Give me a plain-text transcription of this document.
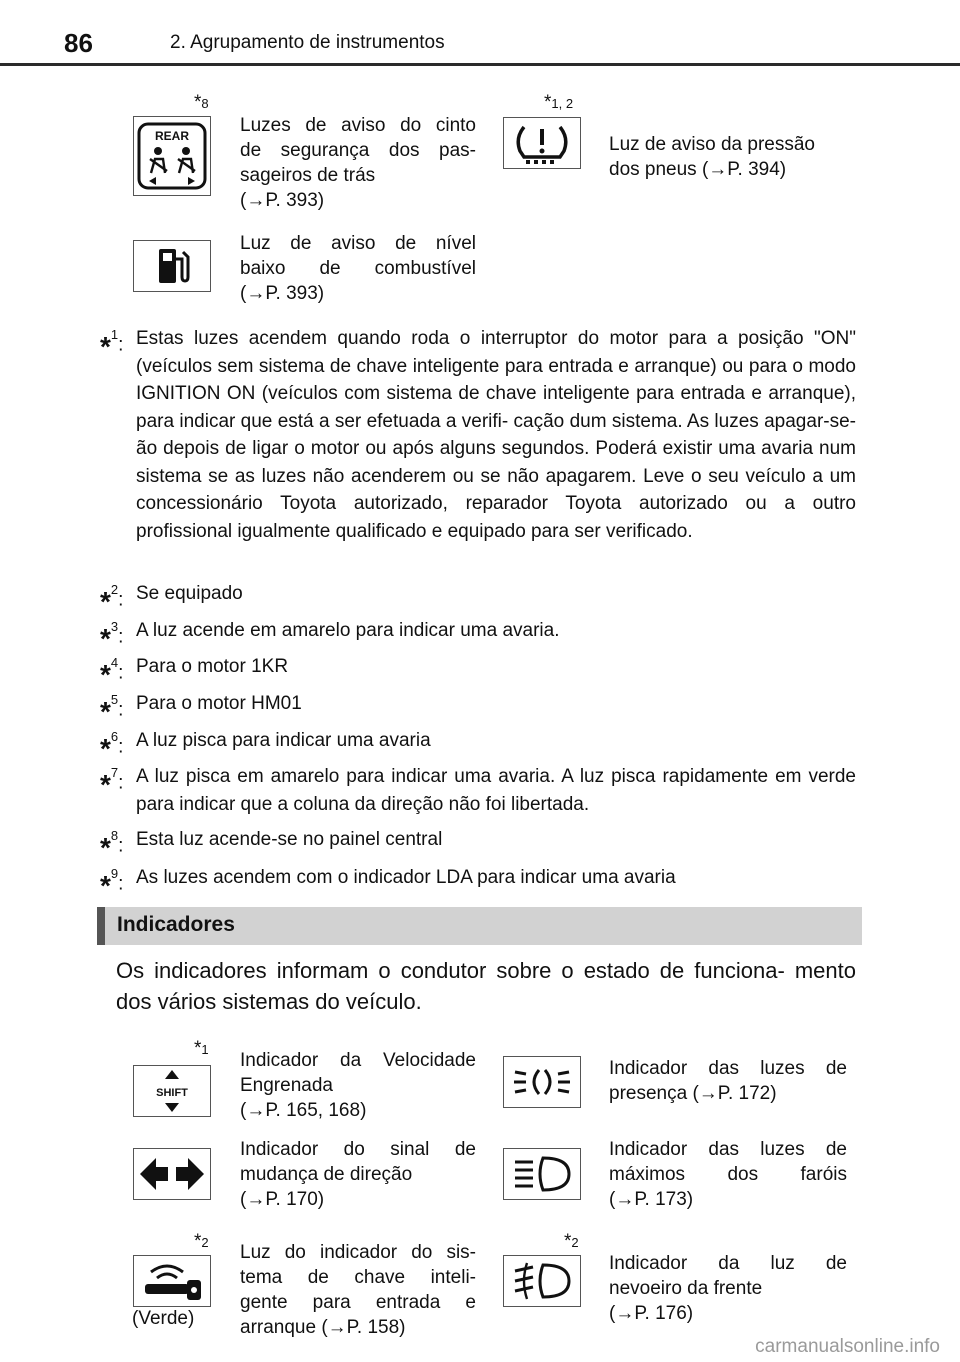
86	2. Agrupamento de instrumentos
*8
REAR	Luzes de aviso do cinto
de segurança dos pas-
sageiros de trás
(→P. 393)
*1, 2
Luz de aviso da pressão
dos pneus (→P. 394)
Luz de aviso de nível
baixo de combustível
(→P. 393)
*$^1$: Estas luzes acendem quando roda o interruptor do motor para a posição "ON" (veículos sem sistema de chave inteligente para entrada e arranque) ou para o modo IGNITION ON (veículos com sistema de chave inteligente para entrada e arranque), para indicar que está a ser efetuada a verifi- cação dum sistema. As luzes apagar-se-ão depois de ligar o motor ou após alguns segundos. Poderá existir uma avaria num sistema se as luzes não acenderem ou se não apagarem. Leve o seu veículo a um concessionário Toyota autorizado, reparador Toyota autorizado ou a outro profissional igualmente qualificado e equipado para ser verificado.
*$^2$: Se equipado
*$^3$: A luz acende em amarelo para indicar uma avaria.
*$^4$: Para o motor 1KR
*$^5$: Para o motor HM01
*$^6$: A luz pisca para indicar uma avaria
*$^7$: A luz pisca em amarelo para indicar uma avaria. A luz pisca rapidamente em verde para indicar que a coluna da direção não foi libertada.
*$^8$: Esta luz acende-se no painel central
*$^9$: As luzes acendem com o indicador LDA para indicar uma avaria
Indicadores
Os indicadores informam o condutor sobre o estado de funciona- mento dos vários sistemas do veículo.
*1
SHIFT
Indicador da Velocidade
Engrenada
(→P. 165, 168)
Indicador das luzes de
presença (→P. 172)
Indicador do sinal de
mudança de direção
(→P. 170)
Indicador das luzes de
máximos dos faróis
(→P. 173)
*2
(Verde)
Luz do indicador do sis-
tema de chave inteli-
gente para entrada e
arranque (→P. 158)
*2
Indicador da luz de
nevoeiro da frente
(→P. 176)
carmanualsonline.info
